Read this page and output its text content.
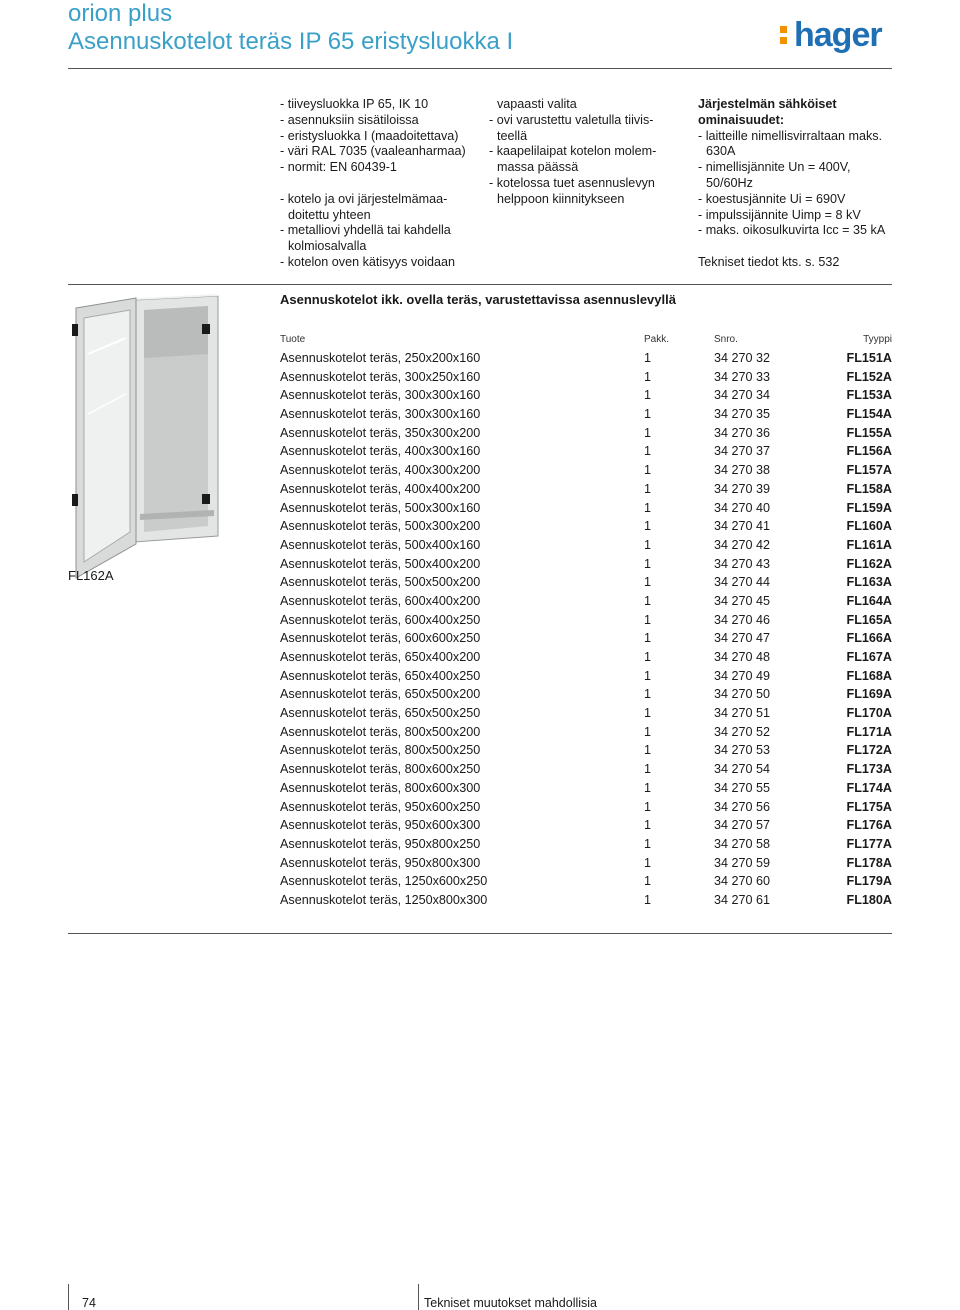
orion plus
Asennuskotelot teräs IP 65 eristysluokka I	hager
- tiiveysluokka IP 65, IK 10
- asennuksiin sisätiloissa
- eristysluokka I (maadoitettava)
- väri RAL 7035 (vaaleanharmaa)
- normit: EN 60439-1
- kotelo ja ovi järjestelmämaa-
doitettu yhteen
- metalliovi yhdellä tai kahdella
kolmiosalvalla
- kotelon oven kätisyys voidaan
vapaasti valita
- ovi varustettu valetulla tiivis-
teellä
- kaapelilaipat kotelon molem-
massa päässä
- kotelossa tuet asennuslevyn
helppoon kiinnitykseen
Järjestelmän sähköiset
ominaisuudet:
- laitteille nimellisvirraltaan maks.
630A
- nimellisjännite Un = 400V,
50/60Hz
- koestusjännite Ui = 690V
- impulssijännite Uimp = 8 kV
- maks. oikosulkuvirta Icc = 35 kA
Tekniset tiedot kts. s. 532
FL162A
Asennuskotelot ikk. ovella teräs, varustettavissa asennuslevyllä
Tuote	Pakk.	Snro.	Tyyppi
Asennuskotelot teräs, 250x200x160	1	34 270 32	FL151A
Asennuskotelot teräs, 300x250x160	1	34 270 33	FL152A
Asennuskotelot teräs, 300x300x160	1	34 270 34	FL153A
Asennuskotelot teräs, 300x300x160	1	34 270 35	FL154A
Asennuskotelot teräs, 350x300x200	1	34 270 36	FL155A
Asennuskotelot teräs, 400x300x160	1	34 270 37	FL156A
Asennuskotelot teräs, 400x300x200	1	34 270 38	FL157A
Asennuskotelot teräs, 400x400x200	1	34 270 39	FL158A
Asennuskotelot teräs, 500x300x160	1	34 270 40	FL159A
Asennuskotelot teräs, 500x300x200	1	34 270 41	FL160A
Asennuskotelot teräs, 500x400x160	1	34 270 42	FL161A
Asennuskotelot teräs, 500x400x200	1	34 270 43	FL162A
Asennuskotelot teräs, 500x500x200	1	34 270 44	FL163A
Asennuskotelot teräs, 600x400x200	1	34 270 45	FL164A
Asennuskotelot teräs, 600x400x250	1	34 270 46	FL165A
Asennuskotelot teräs, 600x600x250	1	34 270 47	FL166A
Asennuskotelot teräs, 650x400x200	1	34 270 48	FL167A
Asennuskotelot teräs, 650x400x250	1	34 270 49	FL168A
Asennuskotelot teräs, 650x500x200	1	34 270 50	FL169A
Asennuskotelot teräs, 650x500x250	1	34 270 51	FL170A
Asennuskotelot teräs, 800x500x200	1	34 270 52	FL171A
Asennuskotelot teräs, 800x500x250	1	34 270 53	FL172A
Asennuskotelot teräs, 800x600x250	1	34 270 54	FL173A
Asennuskotelot teräs, 800x600x300	1	34 270 55	FL174A
Asennuskotelot teräs, 950x600x250	1	34 270 56	FL175A
Asennuskotelot teräs, 950x600x300	1	34 270 57	FL176A
Asennuskotelot teräs, 950x800x250	1	34 270 58	FL177A
Asennuskotelot teräs, 950x800x300	1	34 270 59	FL178A
Asennuskotelot teräs, 1250x600x250	1	34 270 60	FL179A
Asennuskotelot teräs, 1250x800x300	1	34 270 61	FL180A
74	Tekniset muutokset mahdollisia
